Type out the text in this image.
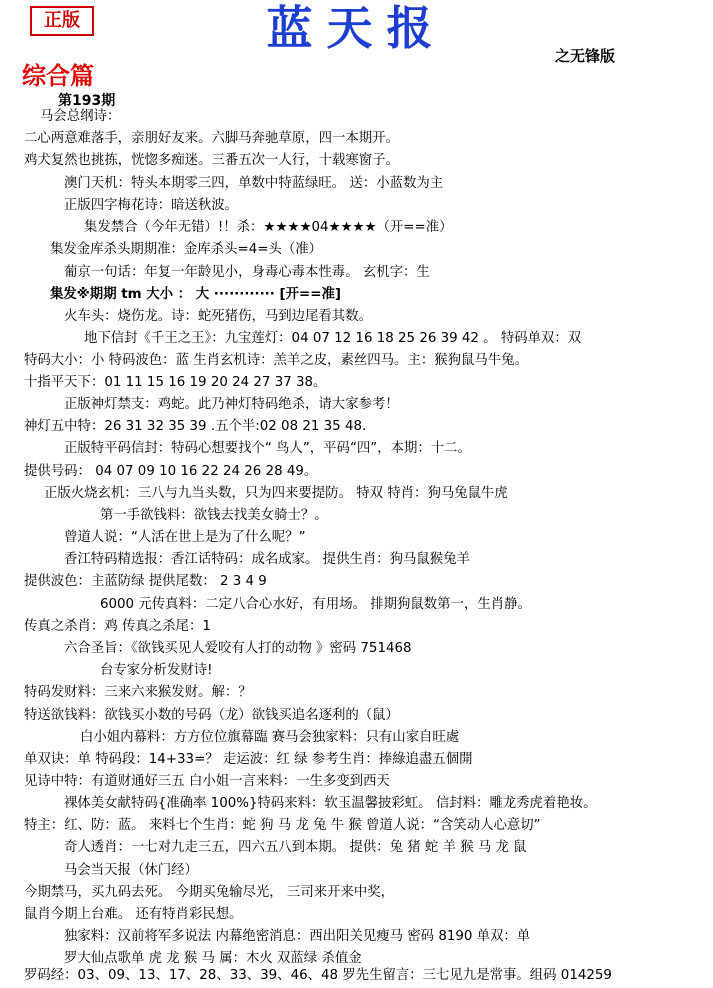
正版	蓝天报
之无锋版
综合篇
第193期
马会总纲诗：
二心两意难落手，亲朋好友来。六脚马奔驰草原，四一本期开。
鸡犬复然也挑拣，恍惚多痴迷。三番五次一人行，十载寒窗子。
澳门天机：特头本期零三四，单数中特蓝绿旺。 送：小蓝数为主
正版四字梅花诗：暗送秋波。
集发禁合（今年无错）!！杀：★★★★04★★★★（开==准）
集发金库杀头期期准：金库杀头=4=头（准）
葡京一句话：年复一年龄见小，身毒心毒本性毒。 玄机字：生
集发※期期 tm 大小 ： 大 ············ [开==准]
火车头：烧伤龙。诗：蛇死猪伤，马到边尾看其数。
地下信封《千王之王》：九宝莲灯：04 07 12 16 18 25 26 39 42 。 特码单双：双
特码大小：小 特码波色：蓝 生肖玄机诗：羔羊之皮，素丝四马。主：猴狗鼠马牛兔。
十指平天下：01 11 15 16 19 20 24 27 37 38。
正版神灯禁支：鸡蛇。此乃神灯特码绝杀，请大家参考！
神灯五中特：26 31 32 35 39 .五个半:02 08 21 35 48.
正版特平码信封：特码心想要找个“ 鸟人”，平码“四”，本期：十二。
提供号码： 04 07 09 10 16 22 24 26 28 49。
正版火烧玄机：三八与九当头数，只为四来要提防。 特双 特肖：狗马兔鼠牛虎
第一手欲钱料：欲钱去找美女骑士？。
曾道人说：“人活在世上是为了什么呢？”
香江特码精选报：香江话特码：成名成家。 提供生肖：狗马鼠猴兔羊
提供波色：主蓝防绿 提供尾数： 2 3 4 9
6000 元传真料：二定八合心水好，有用场。 排期狗鼠数第一，生肖静。
传真之杀肖：鸡 传真之杀尾：1
六合圣旨：《欲钱买见人爱咬有人打的动物 》密码 751468
台专家分析发财诗!
特码发财料：三来六来猴发财。解：？
特送欲钱料：欲钱买小数的号码（龙）欲钱买追名逐利的（鼠）
白小姐内幕料：方方位位旗幕臨 赛马会独家料：只有山家自旺處
单双诀：单 特码段：14+33=？ 走运波：红 绿 参考生肖：捧綠追盡五個開
见诗中特：有道财通好三五 白小姐一言来料：一生多变到西天
裸体美女献特码{准确率 100%}特码来料：软玉温馨披彩虹。 信封料：雕龙秀虎着艳妆。
特主：红、防：蓝。 来料七个生肖：蛇 狗 马 龙 兔 牛 猴 曾道人说：“含笑动人心意切”
奇人透肖：一七对九走三五，四六五八到本期。 提供：兔 猪 蛇 羊 猴 马 龙 鼠
马会当天报（休门经）
今期禁马，买九码去死。 今期买兔输尽光， 三司来开来中奖，
鼠肖今期上台难。 还有特肖彩民想。
独家料：汉前将军多说法 内幕绝密消息：西出阳关见瘦马 密码 8190 单双：单
罗大仙点歌单 虎 龙 猴 马 属：木火 双蓝绿 杀值金
罗码经：03、09、13、17、28、33、39、46、48 罗先生留言：三七见九是常事。组码 014259
